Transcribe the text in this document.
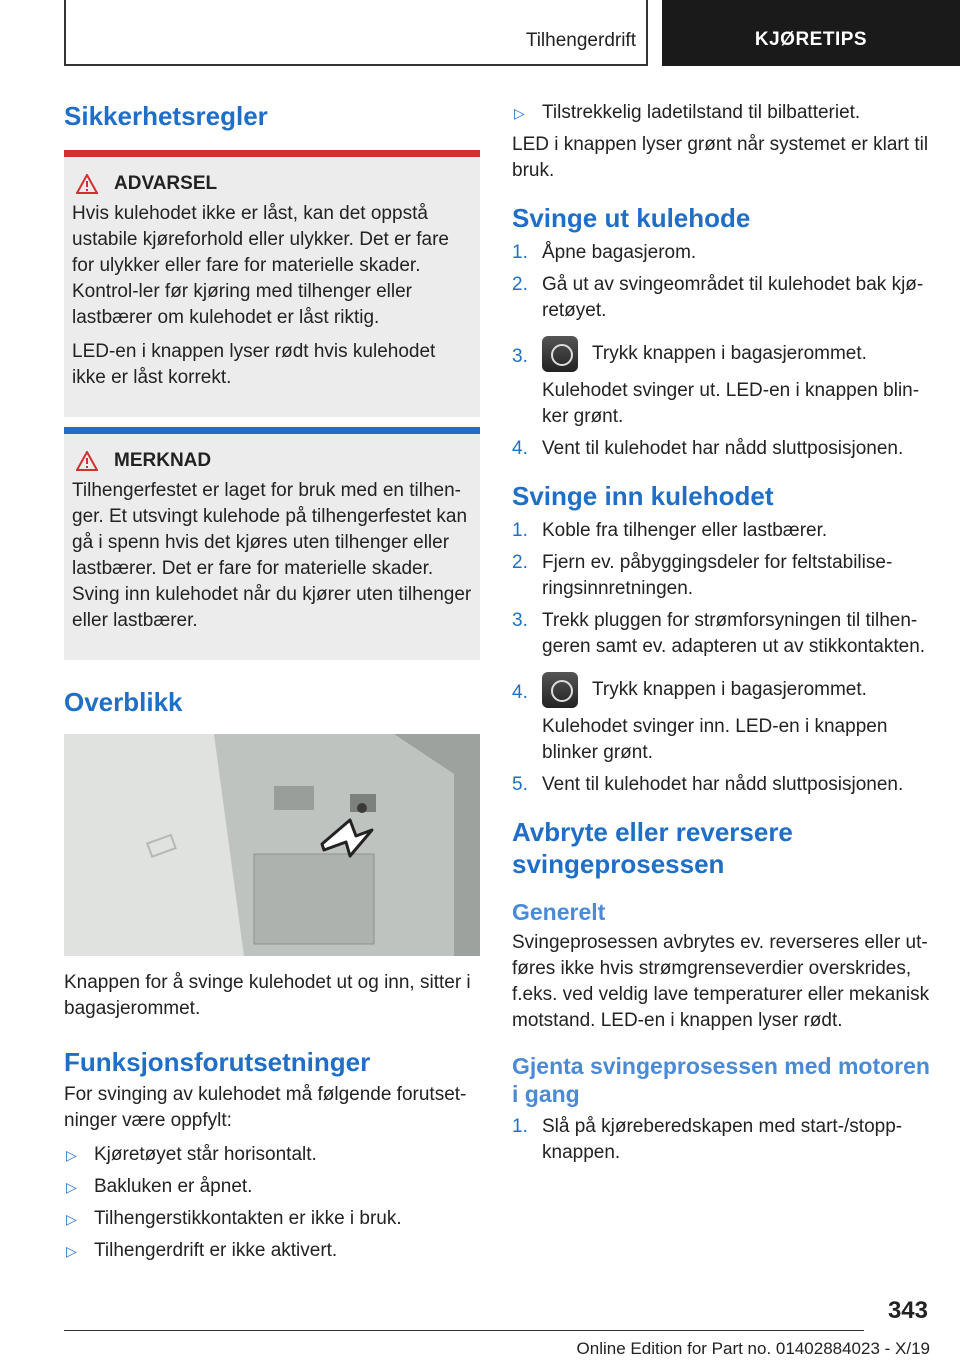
Tilhengerdrift	KJØRETIPS
Sikkerhetsregler
ADVARSEL

Hvis kulehodet ikke er låst, kan det oppstå ustabile kjøreforhold eller ulykker. Det er fare for ulykker eller fare for materielle skader. Kontrol-ler før kjøring med tilhenger eller lastbærer om kulehodet er låst riktig.

LED-en i knappen lyser rødt hvis kulehodet ikke er låst korrekt.

MERKNAD

Tilhengerfestet er laget for bruk med en tilhen-ger. Et utsvingt kulehode på tilhengerfestet kan gå i spenn hvis det kjøres uten tilhenger eller lastbærer. Det er fare for materielle skader. Sving inn kulehodet når du kjører uten tilhenger eller lastbærer.

Overblikk

Knappen for å svinge kulehodet ut og inn, sitter i bagasjerommet.

Funksjonsforutsetninger

For svinging av kulehodet må følgende forutset-ninger være oppfylt:

▷ Kjøretøyet står horisontalt.
▷ Bakluken er åpnet.
▷ Tilhengerstikkontakten er ikke i bruk.
▷ Tilhengerdrift er ikke aktivert.
▷ Tilstrekkelig ladetilstand til bilbatteriet.

LED i knappen lyser grønt når systemet er klart til bruk.

Svinge ut kulehode
1. Åpne bagasjerom.
2. Gå ut av svingeområdet til kulehodet bak kjø-retøyet.
3.	Trykk knappen i bagasjerommet.
Kulehodet svinger ut. LED-en i knappen blin-ker grønt.
4. Vent til kulehodet har nådd sluttposisjonen.
Svinge inn kulehodet
1. Koble fra tilhenger eller lastbærer.
2. Fjern ev. påbyggingsdeler for feltstabilise-ringsinnretningen.
3. Trekk pluggen for strømforsyningen til tilhen-geren samt ev. adapteren ut av stikkontakten.
4.	Trykk knappen i bagasjerommet.
Kulehodet svinger inn. LED-en i knappen blinker grønt.
5. Vent til kulehodet har nådd sluttposisjonen.
Avbryte eller reversere svingeprosessen
Generelt

Svingeprosessen avbrytes ev. reverseres eller ut-føres ikke hvis strømgrenseverdier overskrides, f.eks. ved veldig lave temperaturer eller mekanisk motstand. LED-en i knappen lyser rødt.

Gjenta svingeprosessen med motoren i gang
1. Slå på kjøreberedskapen med start-/stopp-knappen.
343
Online Edition for Part no. 01402884023 - X/19
